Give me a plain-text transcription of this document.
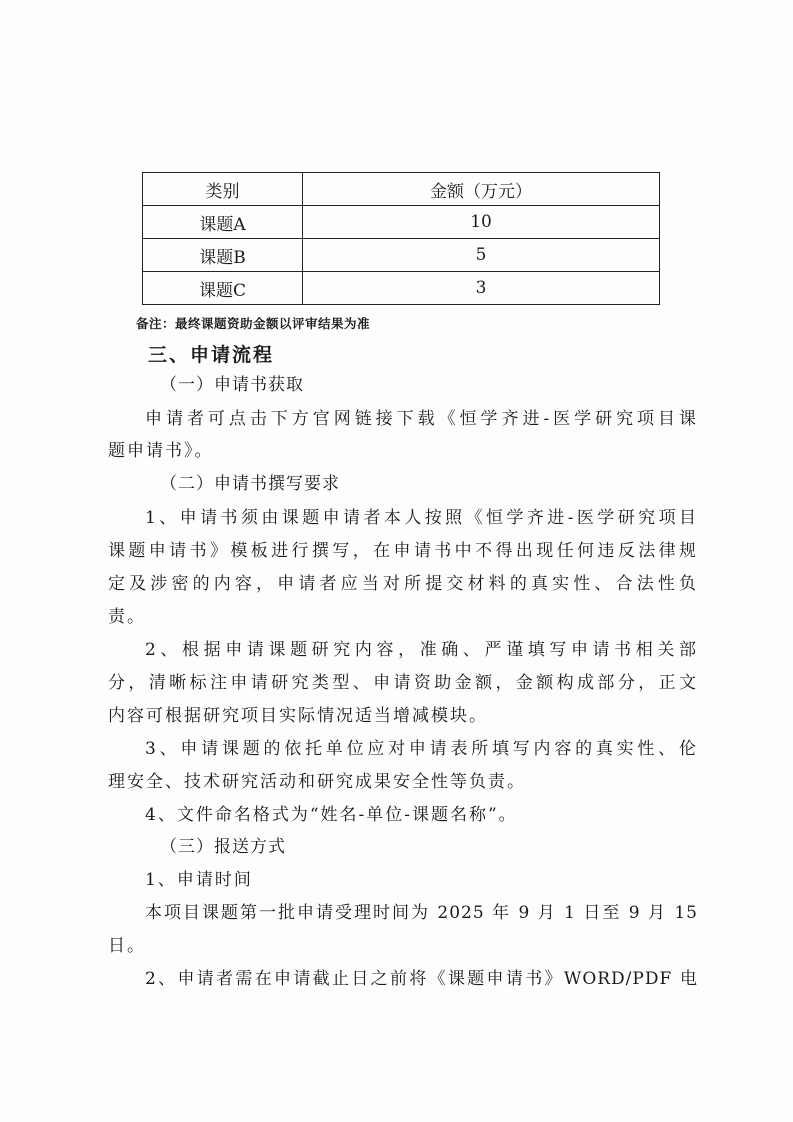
类别	金额（万元）
课题A	10
课题B	5
课题C	3
备注：最终课题资助金额以评审结果为准
三、申请流程
（一）申请书获取
申请者可点击下方官网链接下载《恒学齐进-医学研究项目课
题申请书》。
（二）申请书撰写要求
1、申请书须由课题申请者本人按照《恒学齐进-医学研究项目
课题申请书》模板进行撰写，在申请书中不得出现任何违反法律规
定及涉密的内容，申请者应当对所提交材料的真实性、合法性负
责。
2、根据申请课题研究内容，准确、严谨填写申请书相关部
分，清晰标注申请研究类型、申请资助金额，金额构成部分，正文
内容可根据研究项目实际情况适当增减模块。
3、申请课题的依托单位应对申请表所填写内容的真实性、伦
理安全、技术研究活动和研究成果安全性等负责。
4、文件命名格式为“姓名-单位-课题名称”。
（三）报送方式
1、申请时间
本项目课题第一批申请受理时间为 2025 年 9 月 1 日至 9 月 15
日。
2、申请者需在申请截止日之前将《课题申请书》WORD/PDF 电
